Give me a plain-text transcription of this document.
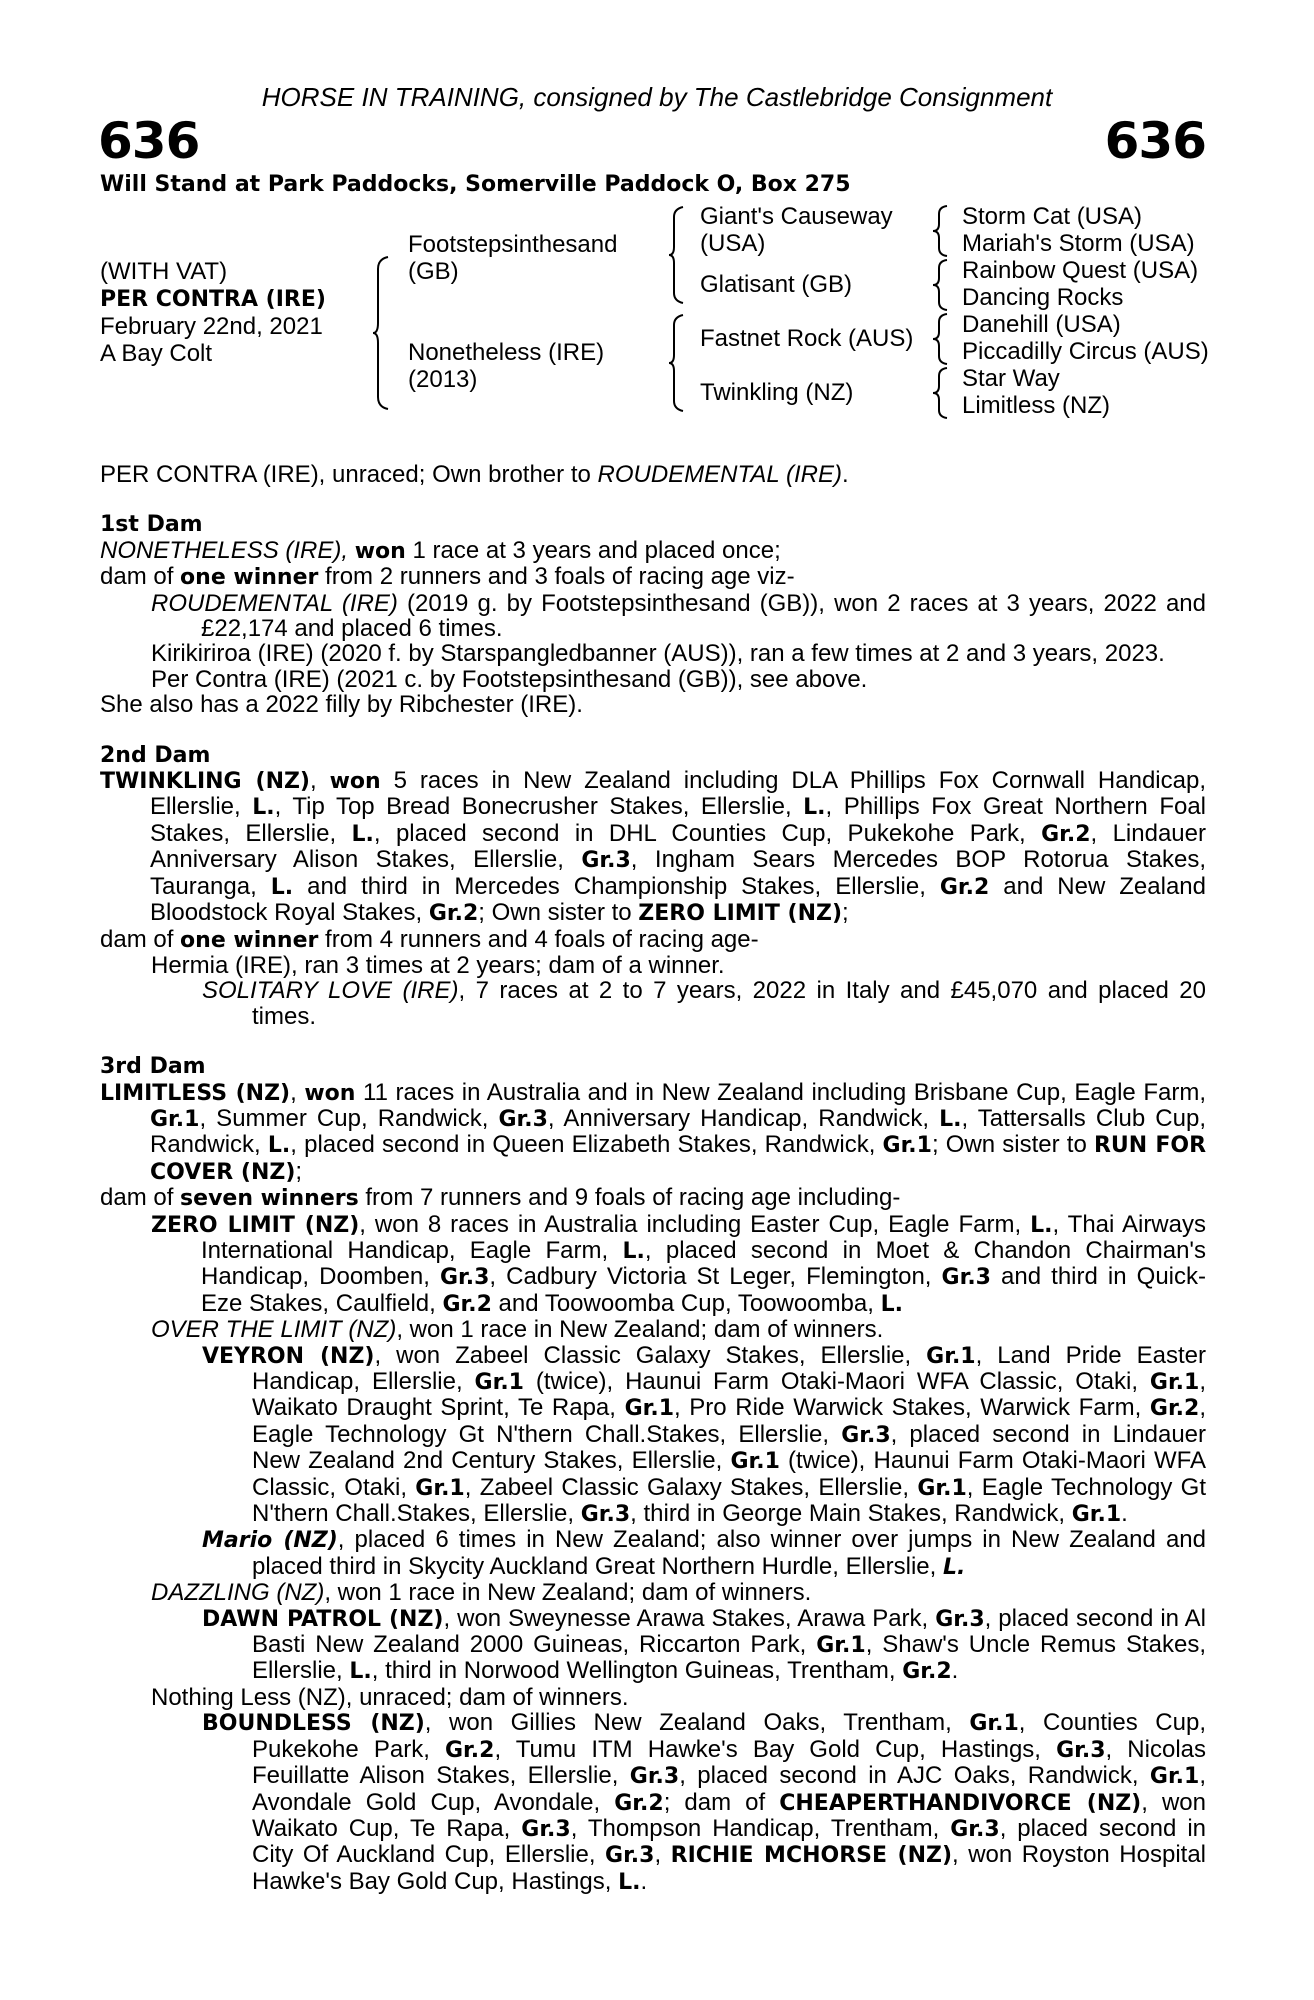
HORSE IN TRAINING, consigned by The Castlebridge Consignment
636	636
Will Stand at Park Paddocks, Somerville Paddock O, Box 275
(WITH VAT)
PER CONTRA (IRE)
February 22nd, 2021
A Bay Colt
Footstepsinthesand
(GB)
Nonetheless (IRE)
(2013)
Giant's Causeway
(USA)
Glatisant (GB)
Fastnet Rock (AUS)
Twinkling (NZ)
Storm Cat (USA)
Mariah's Storm (USA)
Rainbow Quest (USA)
Dancing Rocks
Danehill (USA)
Piccadilly Circus (AUS)
Star Way
Limitless (NZ)

PER CONTRA (IRE), unraced; Own brother to ROUDEMENTAL (IRE).

1st Dam

NONETHELESS (IRE), won 1 race at 3 years and placed once;

dam of one winner from 2 runners and 3 foals of racing age viz-

ROUDEMENTAL (IRE) (2019 g. by Footstepsinthesand (GB)), won 2 races at 3 years, 2022 and £22,174 and placed 6 times.

Kirikiriroa (IRE) (2020 f. by Starspangledbanner (AUS)), ran a few times at 2 and 3 years, 2023.

Per Contra (IRE) (2021 c. by Footstepsinthesand (GB)), see above.

She also has a 2022 filly by Ribchester (IRE).

2nd Dam

TWINKLING (NZ), won 5 races in New Zealand including DLA Phillips Fox Cornwall Handicap, Ellerslie, L., Tip Top Bread Bonecrusher Stakes, Ellerslie, L., Phillips Fox Great Northern Foal Stakes, Ellerslie, L., placed second in DHL Counties Cup, Pukekohe Park, Gr.2, Lindauer Anniversary Alison Stakes, Ellerslie, Gr.3, Ingham Sears Mercedes BOP Rotorua Stakes, Tauranga, L. and third in Mercedes Championship Stakes, Ellerslie, Gr.2 and New Zealand Bloodstock Royal Stakes, Gr.2; Own sister to ZERO LIMIT (NZ);

dam of one winner from 4 runners and 4 foals of racing age-

Hermia (IRE), ran 3 times at 2 years; dam of a winner.

SOLITARY LOVE (IRE), 7 races at 2 to 7 years, 2022 in Italy and £45,070 and placed 20 times.

3rd Dam

LIMITLESS (NZ), won 11 races in Australia and in New Zealand including Brisbane Cup, Eagle Farm, Gr.1, Summer Cup, Randwick, Gr.3, Anniversary Handicap, Randwick, L., Tattersalls Club Cup, Randwick, L., placed second in Queen Elizabeth Stakes, Randwick, Gr.1; Own sister to RUN FOR COVER (NZ);

dam of seven winners from 7 runners and 9 foals of racing age including-

ZERO LIMIT (NZ), won 8 races in Australia including Easter Cup, Eagle Farm, L., Thai Airways International Handicap, Eagle Farm, L., placed second in Moet & Chandon Chairman's Handicap, Doomben, Gr.3, Cadbury Victoria St Leger, Flemington, Gr.3 and third in Quick-Eze Stakes, Caulfield, Gr.2 and Toowoomba Cup, Toowoomba, L.

OVER THE LIMIT (NZ), won 1 race in New Zealand; dam of winners.

VEYRON (NZ), won Zabeel Classic Galaxy Stakes, Ellerslie, Gr.1, Land Pride Easter Handicap, Ellerslie, Gr.1 (twice), Haunui Farm Otaki-Maori WFA Classic, Otaki, Gr.1, Waikato Draught Sprint, Te Rapa, Gr.1, Pro Ride Warwick Stakes, Warwick Farm, Gr.2, Eagle Technology Gt N'thern Chall.Stakes, Ellerslie, Gr.3, placed second in Lindauer New Zealand 2nd Century Stakes, Ellerslie, Gr.1 (twice), Haunui Farm Otaki-Maori WFA Classic, Otaki, Gr.1, Zabeel Classic Galaxy Stakes, Ellerslie, Gr.1, Eagle Technology Gt N'thern Chall.Stakes, Ellerslie, Gr.3, third in George Main Stakes, Randwick, Gr.1.

Mario (NZ), placed 6 times in New Zealand; also winner over jumps in New Zealand and placed third in Skycity Auckland Great Northern Hurdle, Ellerslie, L.

DAZZLING (NZ), won 1 race in New Zealand; dam of winners.

DAWN PATROL (NZ), won Sweynesse Arawa Stakes, Arawa Park, Gr.3, placed second in Al Basti New Zealand 2000 Guineas, Riccarton Park, Gr.1, Shaw's Uncle Remus Stakes, Ellerslie, L., third in Norwood Wellington Guineas, Trentham, Gr.2.

Nothing Less (NZ), unraced; dam of winners.

BOUNDLESS (NZ), won Gillies New Zealand Oaks, Trentham, Gr.1, Counties Cup, Pukekohe Park, Gr.2, Tumu ITM Hawke's Bay Gold Cup, Hastings, Gr.3, Nicolas Feuillatte Alison Stakes, Ellerslie, Gr.3, placed second in AJC Oaks, Randwick, Gr.1, Avondale Gold Cup, Avondale, Gr.2; dam of CHEAPERTHANDIVORCE (NZ), won Waikato Cup, Te Rapa, Gr.3, Thompson Handicap, Trentham, Gr.3, placed second in City Of Auckland Cup, Ellerslie, Gr.3, RICHIE MCHORSE (NZ), won Royston Hospital Hawke's Bay Gold Cup, Hastings, L..
